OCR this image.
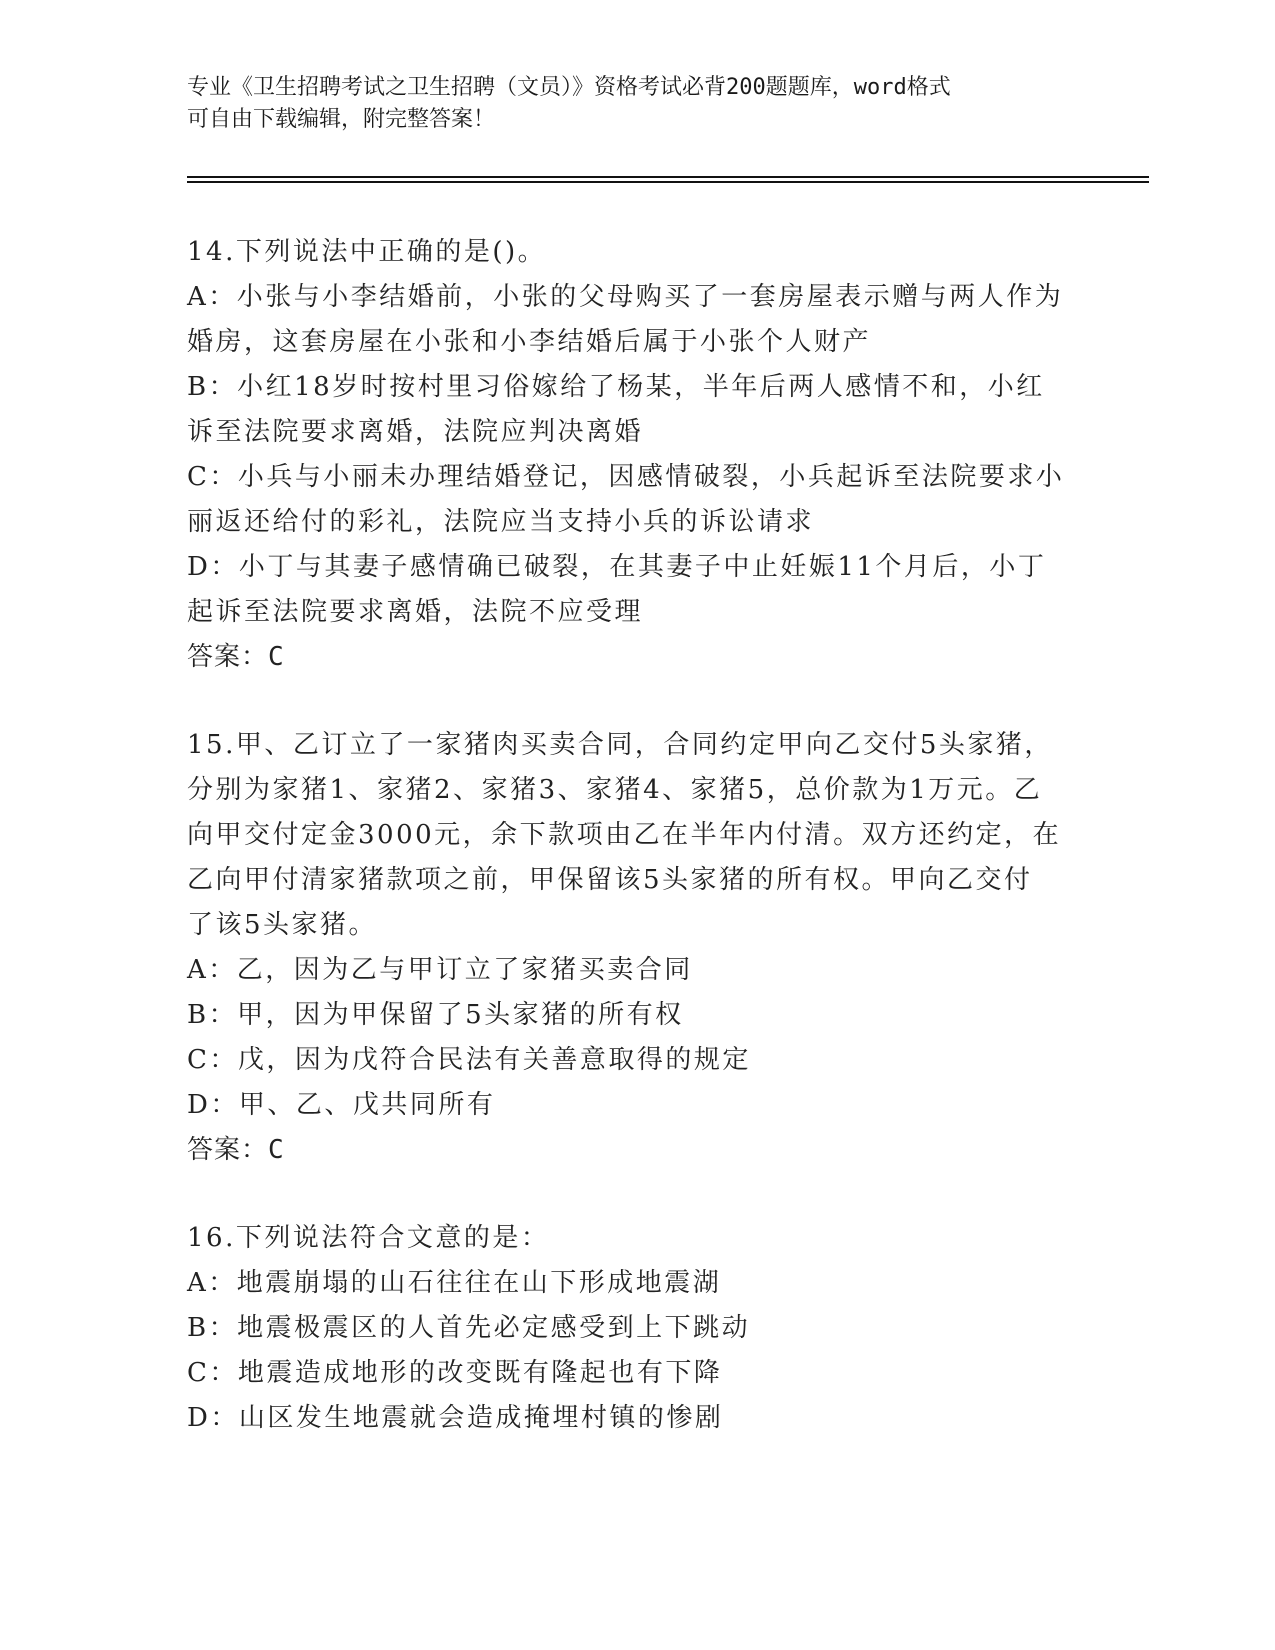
专业《卫生招聘考试之卫生招聘（文员）》资格考试必背200题题库，word格式
可自由下载编辑，附完整答案！
14.下列说法中正确的是()。
A：小张与小李结婚前，小张的父母购买了一套房屋表示赠与两人作为
婚房，这套房屋在小张和小李结婚后属于小张个人财产
B：小红18岁时按村里习俗嫁给了杨某，半年后两人感情不和，小红
诉至法院要求离婚，法院应判决离婚
C：小兵与小丽未办理结婚登记，因感情破裂，小兵起诉至法院要求小
丽返还给付的彩礼，法院应当支持小兵的诉讼请求
D：小丁与其妻子感情确已破裂，在其妻子中止妊娠11个月后，小丁
起诉至法院要求离婚，法院不应受理
答案：C
15.甲、乙订立了一家猪肉买卖合同，合同约定甲向乙交付5头家猪，
分别为家猪1、家猪2、家猪3、家猪4、家猪5，总价款为1万元。乙
向甲交付定金3000元，余下款项由乙在半年内付清。双方还约定，在
乙向甲付清家猪款项之前，甲保留该5头家猪的所有权。甲向乙交付
了该5头家猪。
A：乙，因为乙与甲订立了家猪买卖合同
B：甲，因为甲保留了5头家猪的所有权
C：戊，因为戊符合民法有关善意取得的规定
D：甲、乙、戊共同所有
答案：C
16.下列说法符合文意的是：
A：地震崩塌的山石往往在山下形成地震湖
B：地震极震区的人首先必定感受到上下跳动
C：地震造成地形的改变既有隆起也有下降
D：山区发生地震就会造成掩埋村镇的惨剧
